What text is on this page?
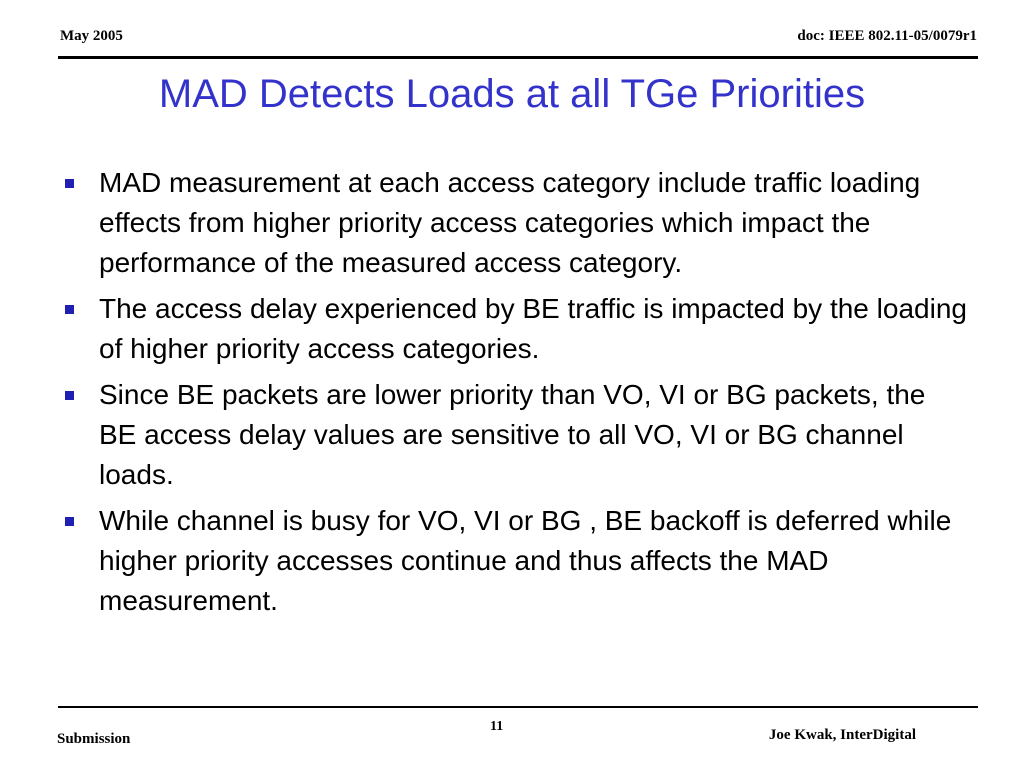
May 2005	doc: IEEE 802.11-05/0079r1
MAD Detects Loads at all TGe Priorities
MAD measurement at each access category include traffic loading effects from higher priority access categories which impact the performance of the measured access category.
The access delay experienced by BE traffic is impacted by the loading of higher priority access categories.
Since BE packets are lower priority than VO, VI or BG packets, the BE access delay values are sensitive to all VO, VI or BG channel loads.
While channel is busy for VO, VI or BG , BE backoff is deferred while higher priority accesses continue and thus affects the MAD measurement.
Submission
11
Joe Kwak, InterDigital
